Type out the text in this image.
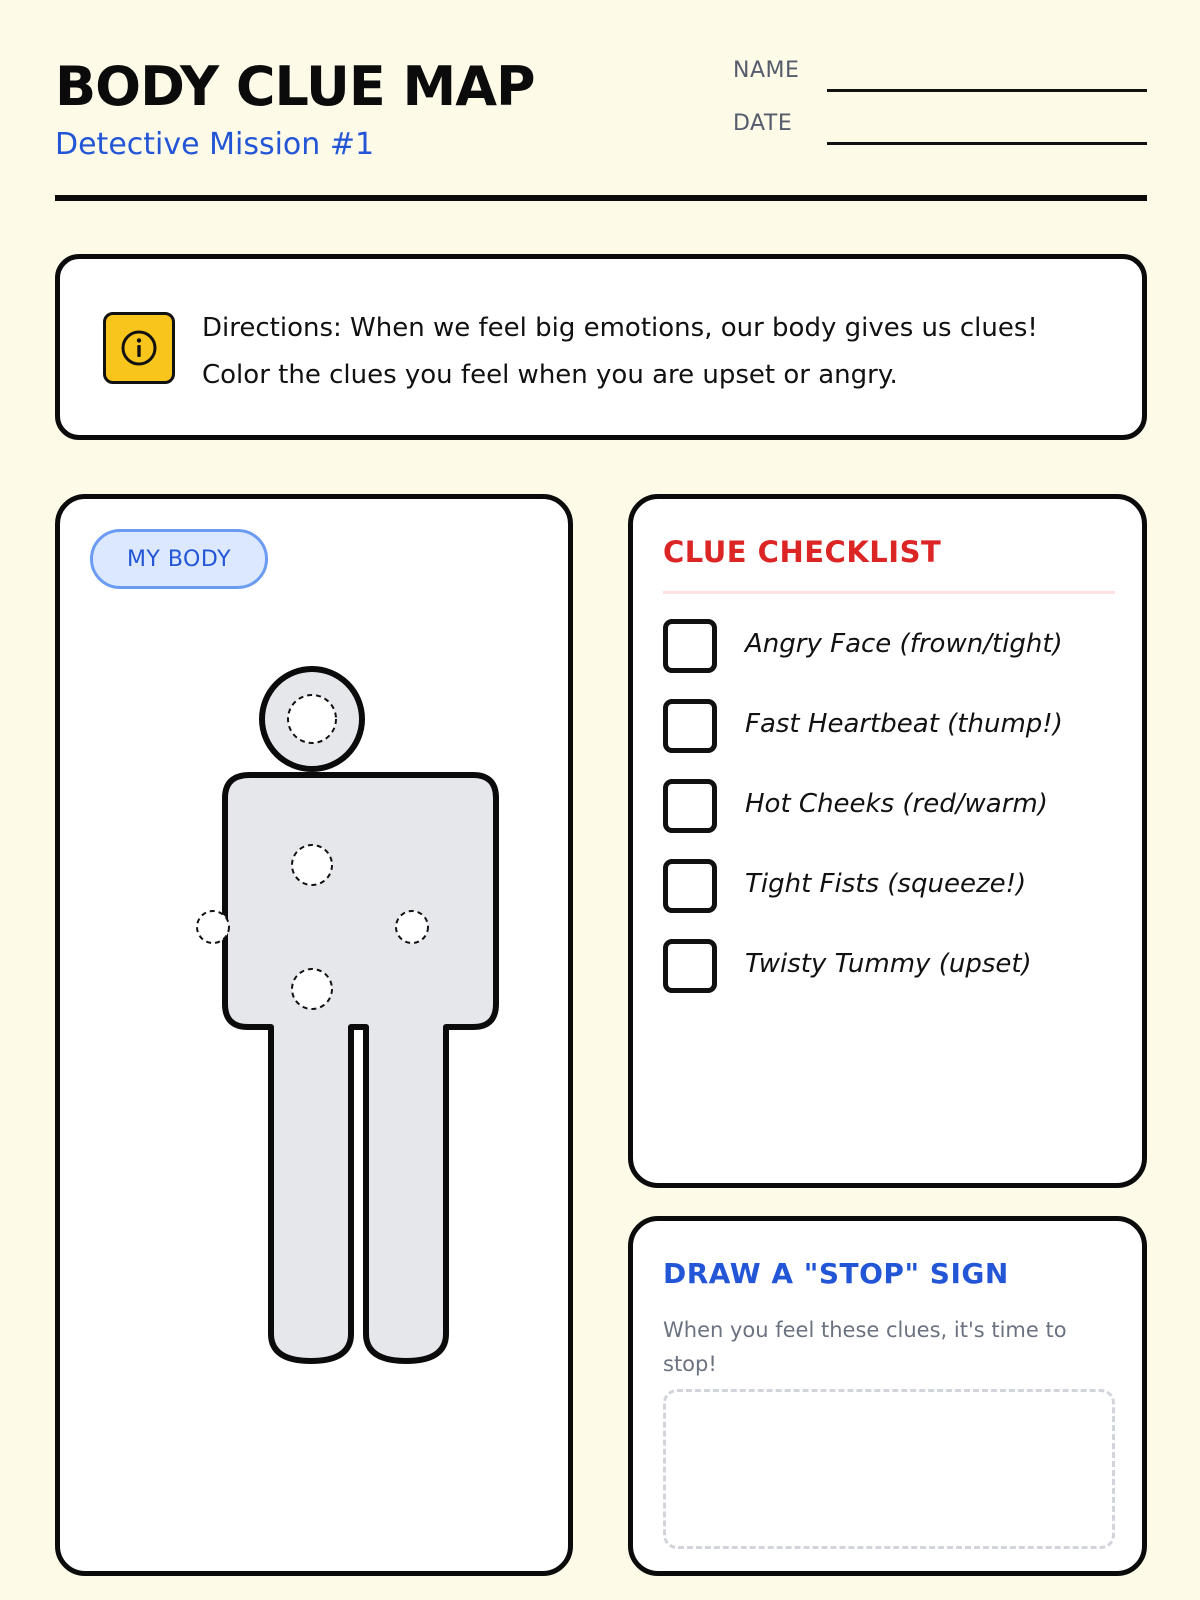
BODY CLUE MAP
Detective Mission #1
NAME
DATE
Directions: When we feel big emotions, our body gives us clues!
Color the clues you feel when you are upset or angry.
MY BODY	CLUE CHECKLIST
Angry Face (frown/tight)
Fast Heartbeat (thump!)
Hot Cheeks (red/warm)
Tight Fists (squeeze!)
Twisty Tummy (upset)
DRAW A "STOP" SIGN
When you feel these clues, it's time to stop!
